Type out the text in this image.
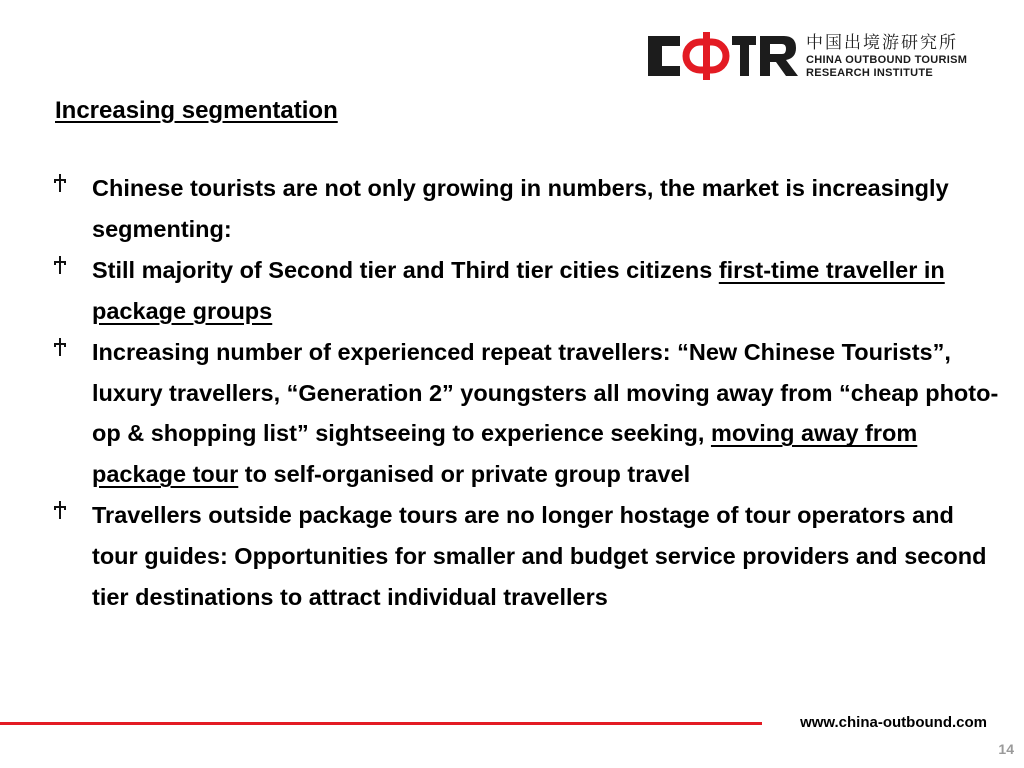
中国出境游研究所
CHINA OUTBOUND TOURISM
RESEARCH INSTITUTE
Increasing segmentation
Chinese tourists are not only growing in numbers, the market is increasingly segmenting:
Still majority of Second tier and Third tier cities citizens first-time traveller in package groups
Increasing number of experienced repeat travellers: “New Chinese Tourists”, luxury travellers, “Generation 2” youngsters all moving away from “cheap photo-op & shopping list” sightseeing to experience seeking, moving away from package tour to self-organised or private group travel
Travellers outside package tours are no longer hostage of tour operators and tour guides: Opportunities for smaller and budget service providers and second tier destinations to attract individual travellers
www.china-outbound.com
14
